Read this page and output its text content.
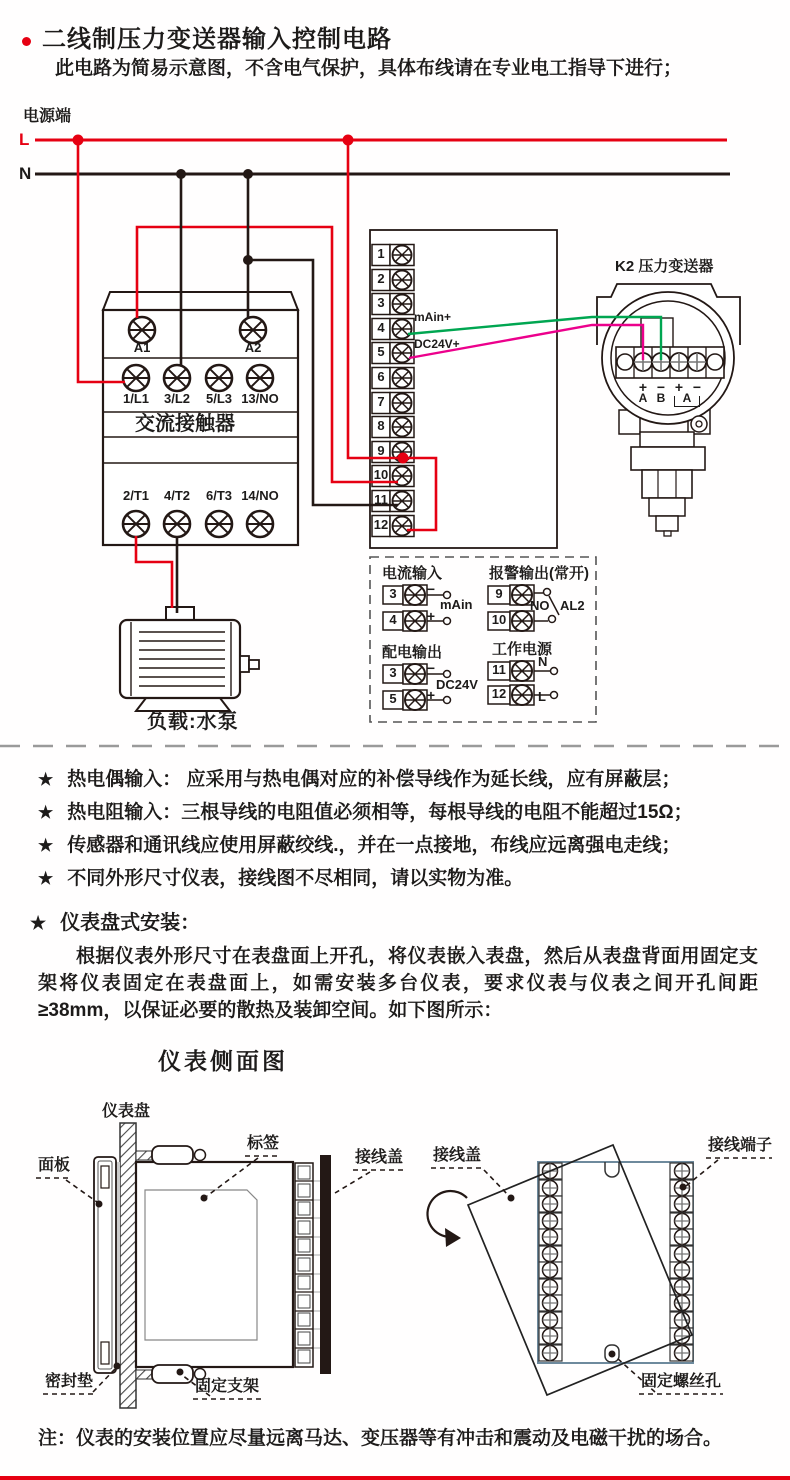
二线制压力变送器输入控制电路
此电路为简易示意图，不含电气保护，具体布线请在专业电工指导下进行；
电源端
L
N
A1	A2
1/L1	3/L2	5/L3 13/NO
交流接触器
2/T1	4/T2	6/T3 14/NO
1
2
3
4
5
6
7
8
9
10
11
12
mAin+
DC24V+
K2 压力变送器
+ − + −
A B	$^A$
负载:水泵
电流输入
3
4
−
+
mAin
报警输出(常开)
9
10
NO AL2
配电输出
3
5
−
+
DC24V
工作电源
11
12
N
L
★ 热电偶输入： 应采用与热电偶对应的补偿导线作为延长线，应有屏蔽层；
★ 热电阻输入：三根导线的电阻值必须相等，每根导线的电阻不能超过15Ω；
★ 传感器和通讯线应使用屏蔽绞线.，并在一点接地，布线应远离强电走线；
★ 不同外形尺寸仪表，接线图不尽相同，请以实物为准。
★ 仪表盘式安装：
根据仪表外形尺寸在表盘面上开孔，将仪表嵌入表盘，然后从表盘背面用固定支架将仪表固定在表盘面上，如需安装多台仪表，要求仪表与仪表之间开孔间距≥38mm，以保证必要的散热及装卸空间。如下图所示：
仪表侧面图
仪表盘
面板
标签
接线盖
密封垫	固定支架
接线盖
接线端子
固定螺丝孔
注：仪表的安装位置应尽量远离马达、变压器等有冲击和震动及电磁干扰的场合。
